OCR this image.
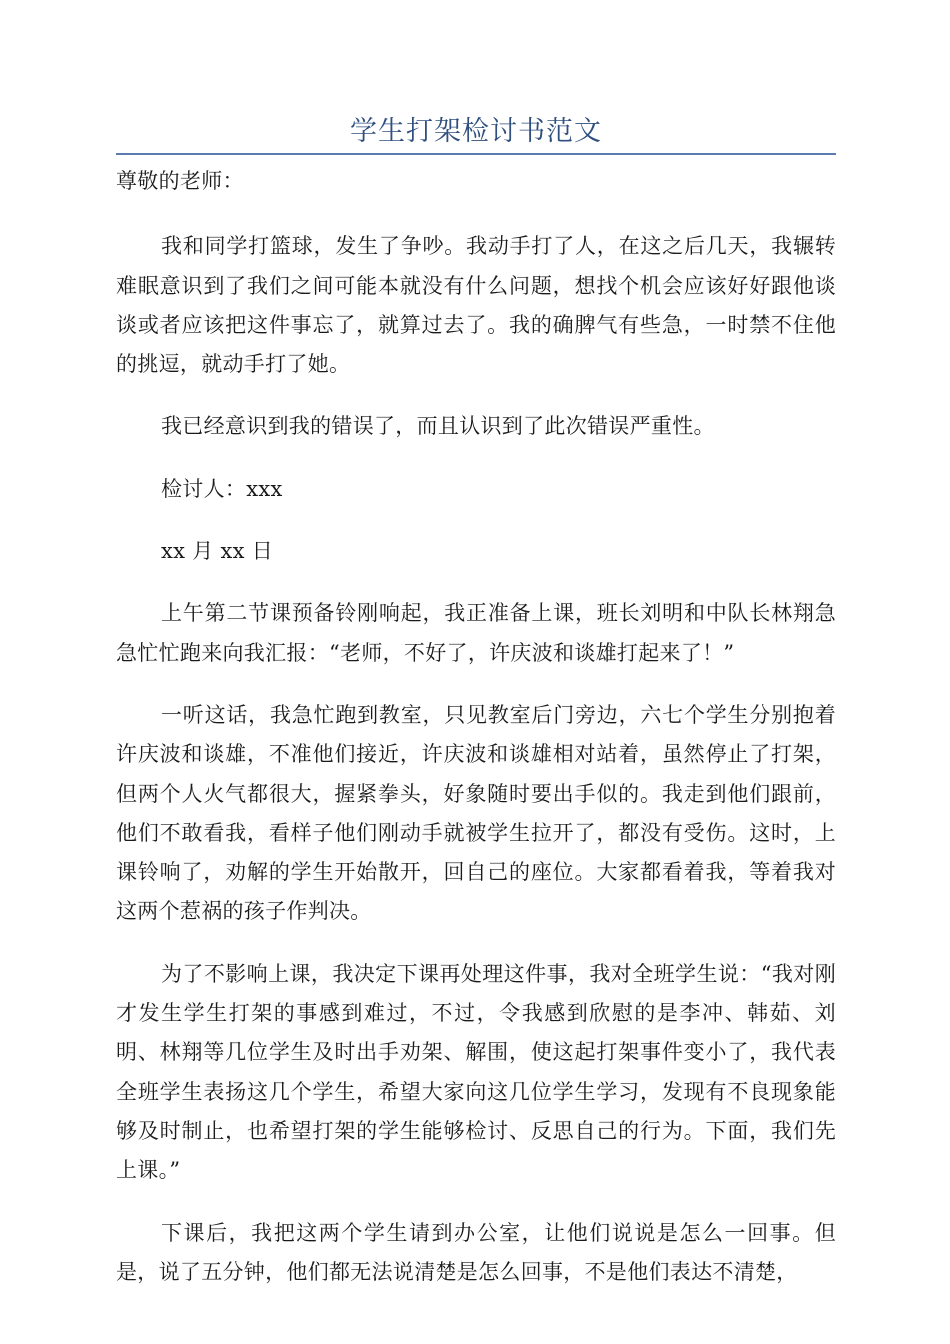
学生打架检讨书范文

尊敬的老师：

我和同学打篮球，发生了争吵。我动手打了人，在这之后几天，我辗转难眠意识到了我们之间可能本就没有什么问题，想找个机会应该好好跟他谈谈或者应该把这件事忘了，就算过去了。我的确脾气有些急，一时禁不住他的挑逗，就动手打了她。

我已经意识到我的错误了，而且认识到了此次错误严重性。

检讨人：xxx

xx 月 xx 日

上午第二节课预备铃刚响起，我正准备上课，班长刘明和中队长林翔急急忙忙跑来向我汇报：“老师，不好了，许庆波和谈雄打起来了！”

一听这话，我急忙跑到教室，只见教室后门旁边，六七个学生分别抱着许庆波和谈雄，不准他们接近，许庆波和谈雄相对站着，虽然停止了打架，但两个人火气都很大，握紧拳头，好象随时要出手似的。我走到他们跟前，他们不敢看我，看样子他们刚动手就被学生拉开了，都没有受伤。这时，上课铃响了，劝解的学生开始散开，回自己的座位。大家都看着我，等着我对这两个惹祸的孩子作判决。

为了不影响上课，我决定下课再处理这件事，我对全班学生说：“我对刚才发生学生打架的事感到难过，不过，令我感到欣慰的是李冲、韩茹、刘明、林翔等几位学生及时出手劝架、解围，使这起打架事件变小了，我代表全班学生表扬这几个学生，希望大家向这几位学生学习，发现有不良现象能够及时制止，也希望打架的学生能够检讨、反思自己的行为。下面，我们先上课。”

下课后，我把这两个学生请到办公室，让他们说说是怎么一回事。但是，说了五分钟，他们都无法说清楚是怎么回事，不是他们表达不清楚，
